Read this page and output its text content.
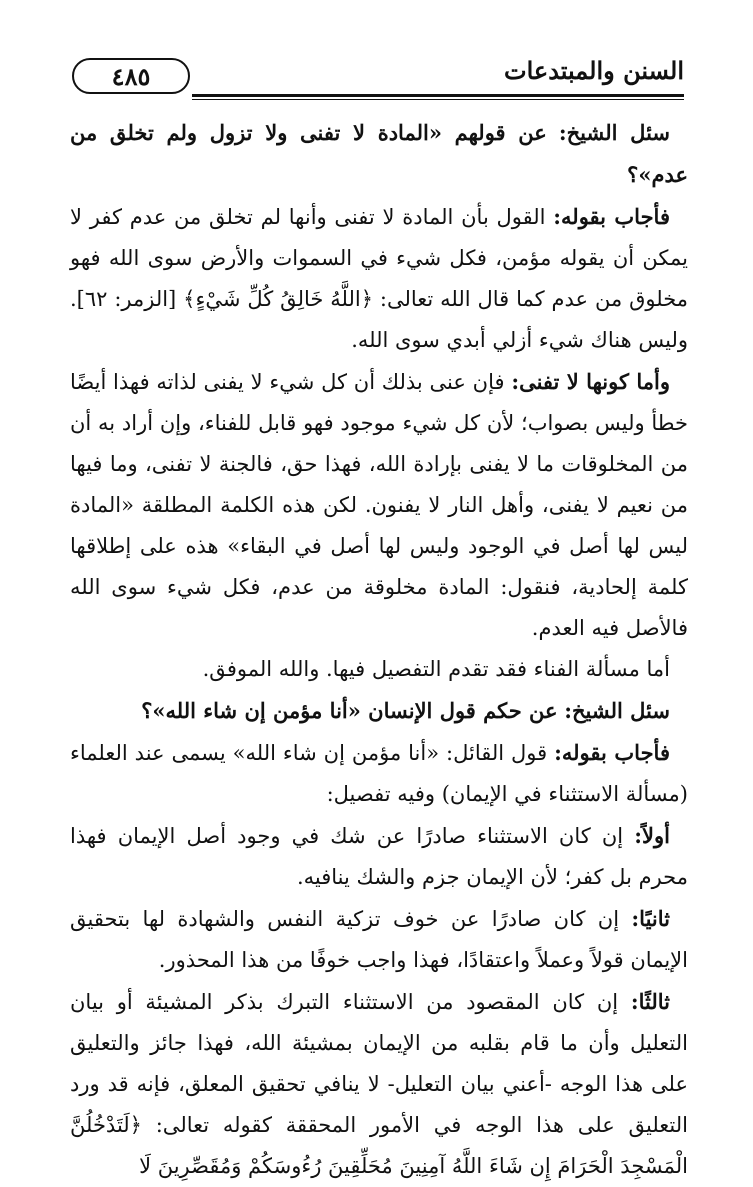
٤٨٥	السنن والمبتدعات

سئل الشيخ: عن قولهم «المادة لا تفنى ولا تزول ولم تخلق من عدم»؟

فأجاب بقوله: القول بأن المادة لا تفنى وأنها لم تخلق من عدم كفر لا يمكن أن يقوله مؤمن، فكل شيء في السموات والأرض سوى الله فهو مخلوق من عدم كما قال الله تعالى: ﴿اللَّهُ خَالِقُ كُلِّ شَيْءٍ﴾ [الزمر: ٦٢]. وليس هناك شيء أزلي أبدي سوى الله.

وأما كونها لا تفنى: فإن عنى بذلك أن كل شيء لا يفنى لذاته فهذا أيضًا خطأ وليس بصواب؛ لأن كل شيء موجود فهو قابل للفناء، وإن أراد به أن من المخلوقات ما لا يفنى بإرادة الله، فهذا حق، فالجنة لا تفنى، وما فيها من نعيم لا يفنى، وأهل النار لا يفنون. لكن هذه الكلمة المطلقة «المادة ليس لها أصل في الوجود وليس لها أصل في البقاء» هذه على إطلاقها كلمة إلحادية، فنقول: المادة مخلوقة من عدم، فكل شيء سوى الله فالأصل فيه العدم.

أما مسألة الفناء فقد تقدم التفصيل فيها. والله الموفق.

سئل الشيخ: عن حكم قول الإنسان «أنا مؤمن إن شاء الله»؟

فأجاب بقوله: قول القائل: «أنا مؤمن إن شاء الله» يسمى عند العلماء (مسألة الاستثناء في الإيمان) وفيه تفصيل:

أولاً: إن كان الاستثناء صادرًا عن شك في وجود أصل الإيمان فهذا محرم بل كفر؛ لأن الإيمان جزم والشك ينافيه.

ثانيًا: إن كان صادرًا عن خوف تزكية النفس والشهادة لها بتحقيق الإيمان قولاً وعملاً واعتقادًا، فهذا واجب خوفًا من هذا المحذور.

ثالثًا: إن كان المقصود من الاستثناء التبرك بذكر المشيئة أو بيان التعليل وأن ما قام بقلبه من الإيمان بمشيئة الله، فهذا جائز والتعليق على هذا الوجه -أعني بيان التعليل- لا ينافي تحقيق المعلق، فإنه قد ورد التعليق على هذا الوجه في الأمور المحققة كقوله تعالى: ﴿لَتَدْخُلُنَّ الْمَسْجِدَ الْحَرَامَ إِن شَاءَ اللَّهُ آمِنِينَ مُحَلِّقِينَ رُءُوسَكُمْ وَمُقَصِّرِينَ لَا
